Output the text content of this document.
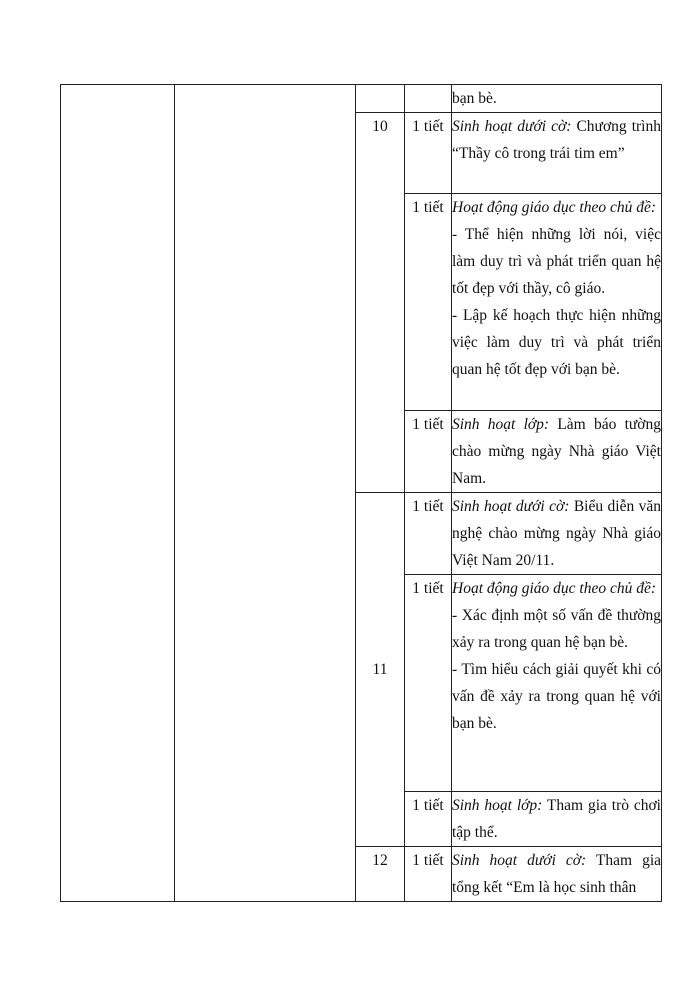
				bạn bè.

		10	1 tiết	Sinh hoạt dưới cờ: Chương trình “Thầy cô trong trái tim em”

			1 tiết	Hoạt động giáo dục theo chủ đề:

- Thể hiện những lời nói, việc làm duy trì và phát triển quan hệ tốt đẹp với thầy, cô giáo.

- Lập kế hoạch thực hiện những việc làm duy trì và phát triển quan hệ tốt đẹp với bạn bè.

			1 tiết	Sinh hoạt lớp: Làm báo tường chào mừng ngày Nhà giáo Việt Nam.

		11	1 tiết	Sinh hoạt dưới cờ: Biểu diễn văn nghệ chào mừng ngày Nhà giáo Việt Nam 20/11.

			1 tiết	Hoạt động giáo dục theo chủ đề:

- Xác định một số vấn đề thường xảy ra trong quan hệ bạn bè.

- Tìm hiểu cách giải quyết khi có vấn đề xảy ra trong quan hệ với bạn bè.

			1 tiết	Sinh hoạt lớp: Tham gia trò chơi tập thể.

		12	1 tiết	Sinh hoạt dưới cờ: Tham gia tổng kết “Em là học sinh thân
